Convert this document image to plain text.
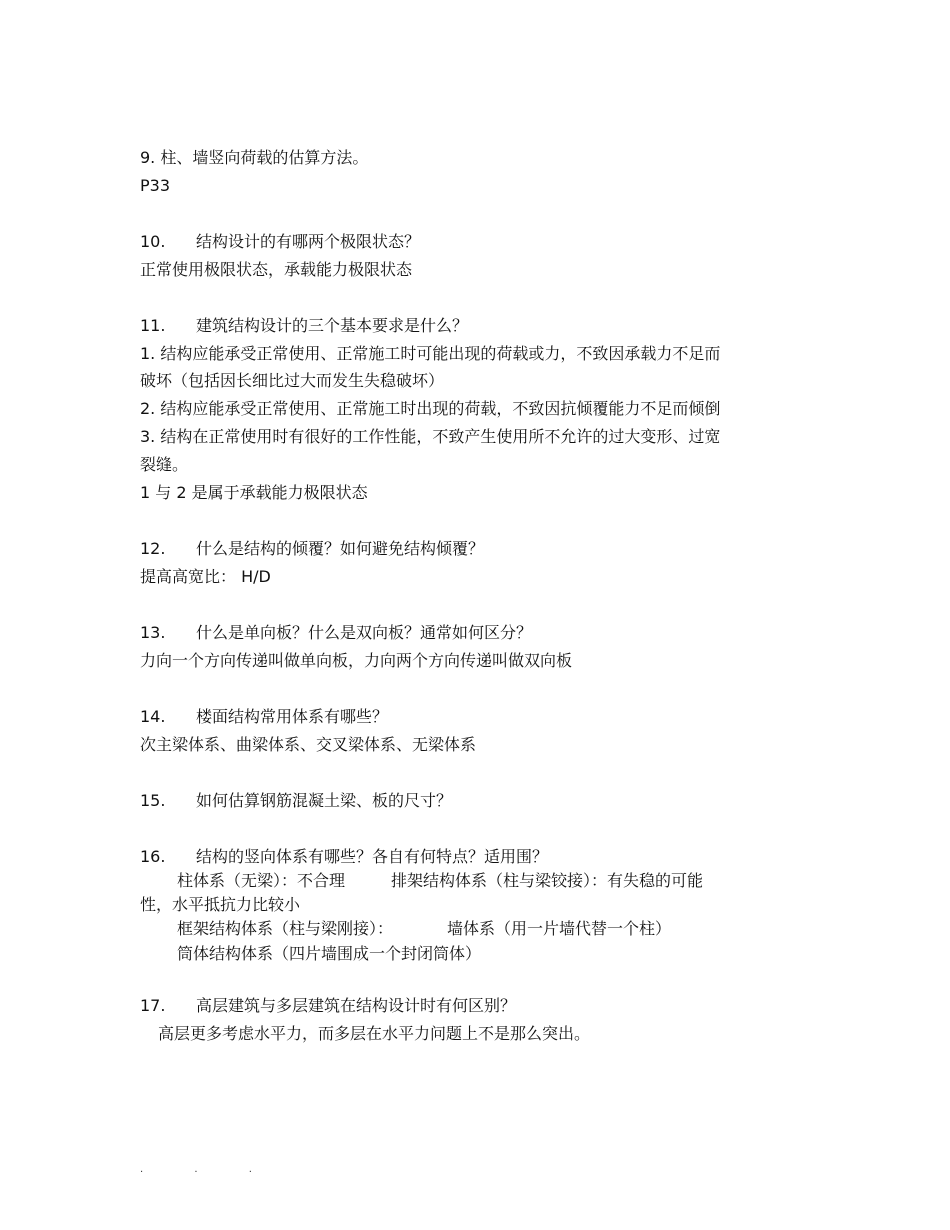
9. 柱、墙竖向荷载的估算方法。
P33
10. 结构设计的有哪两个极限状态？
正常使用极限状态，承载能力极限状态
11. 建筑结构设计的三个基本要求是什么？
1. 结构应能承受正常使用、正常施工时可能出现的荷载或力，不致因承载力不足而
破坏（包括因长细比过大而发生失稳破坏）
2. 结构应能承受正常使用、正常施工时出现的荷载，不致因抗倾覆能力不足而倾倒
3. 结构在正常使用时有很好的工作性能，不致产生使用所不允许的过大变形、过宽
裂缝。
1 与 2 是属于承载能力极限状态
12. 什么是结构的倾覆？如何避免结构倾覆？
提高高宽比： H/D
13. 什么是单向板？什么是双向板？通常如何区分？
力向一个方向传递叫做单向板，力向两个方向传递叫做双向板
14. 楼面结构常用体系有哪些？
次主梁体系、曲梁体系、交叉梁体系、无梁体系
15. 如何估算钢筋混凝土梁、板的尺寸？
16. 结构的竖向体系有哪些？各自有何特点？适用围？
柱体系（无梁）：不合理	排架结构体系（柱与梁铰接）：有失稳的可能
性，水平抵抗力比较小
框架结构体系（柱与梁刚接）：	墙体系（用一片墙代替一个柱）
筒体结构体系（四片墙围成一个封闭筒体）
17. 高层建筑与多层建筑在结构设计时有何区别？
高层更多考虑水平力，而多层在水平力问题上不是那么突出。
. . .
